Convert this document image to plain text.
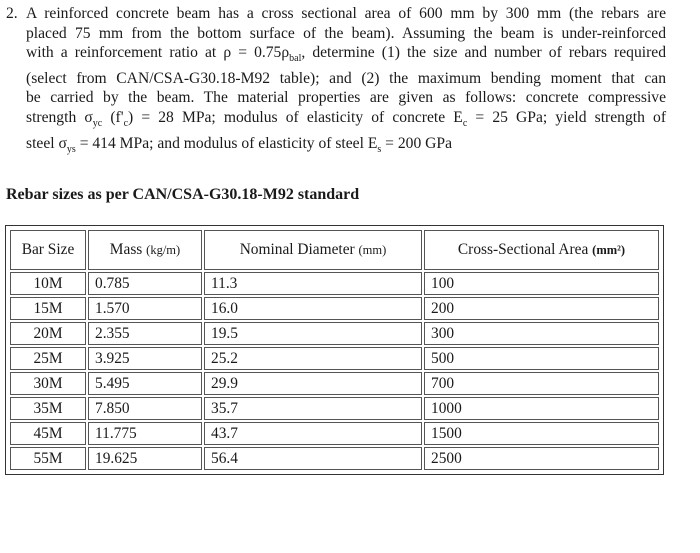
2. A reinforced concrete beam has a cross sectional area of 600 mm by 300 mm (the rebars are
placed 75 mm from the bottom surface of the beam). Assuming the beam is under-reinforced
with a reinforcement ratio at $\rho = 0.75\rho_{bal}$, determine (1) the size and number of rebars required
(select from CAN/CSA-G30.18-M92 table); and (2) the maximum bending moment that can
be carried by the beam. The material properties are given as follows: concrete compressive
strength $\sigma_{yc}$ $(f'_c) = 28$ MPa; modulus of elasticity of concrete $E_c = 25$ GPa; yield strength of
steel $\sigma_{ys} = 414$ MPa; and modulus of elasticity of steel $E_s = 200$ GPa
Rebar sizes as per CAN/CSA-G30.18-M92 standard
Bar Size	Mass (kg/m)	Nominal Diameter (mm)	Cross-Sectional Area (mm²)
10M	0.785	11.3	100
15M	1.570	16.0	200
20M	2.355	19.5	300
25M	3.925	25.2	500
30M	5.495	29.9	700
35M	7.850	35.7	1000
45M	11.775	43.7	1500
55M	19.625	56.4	2500
